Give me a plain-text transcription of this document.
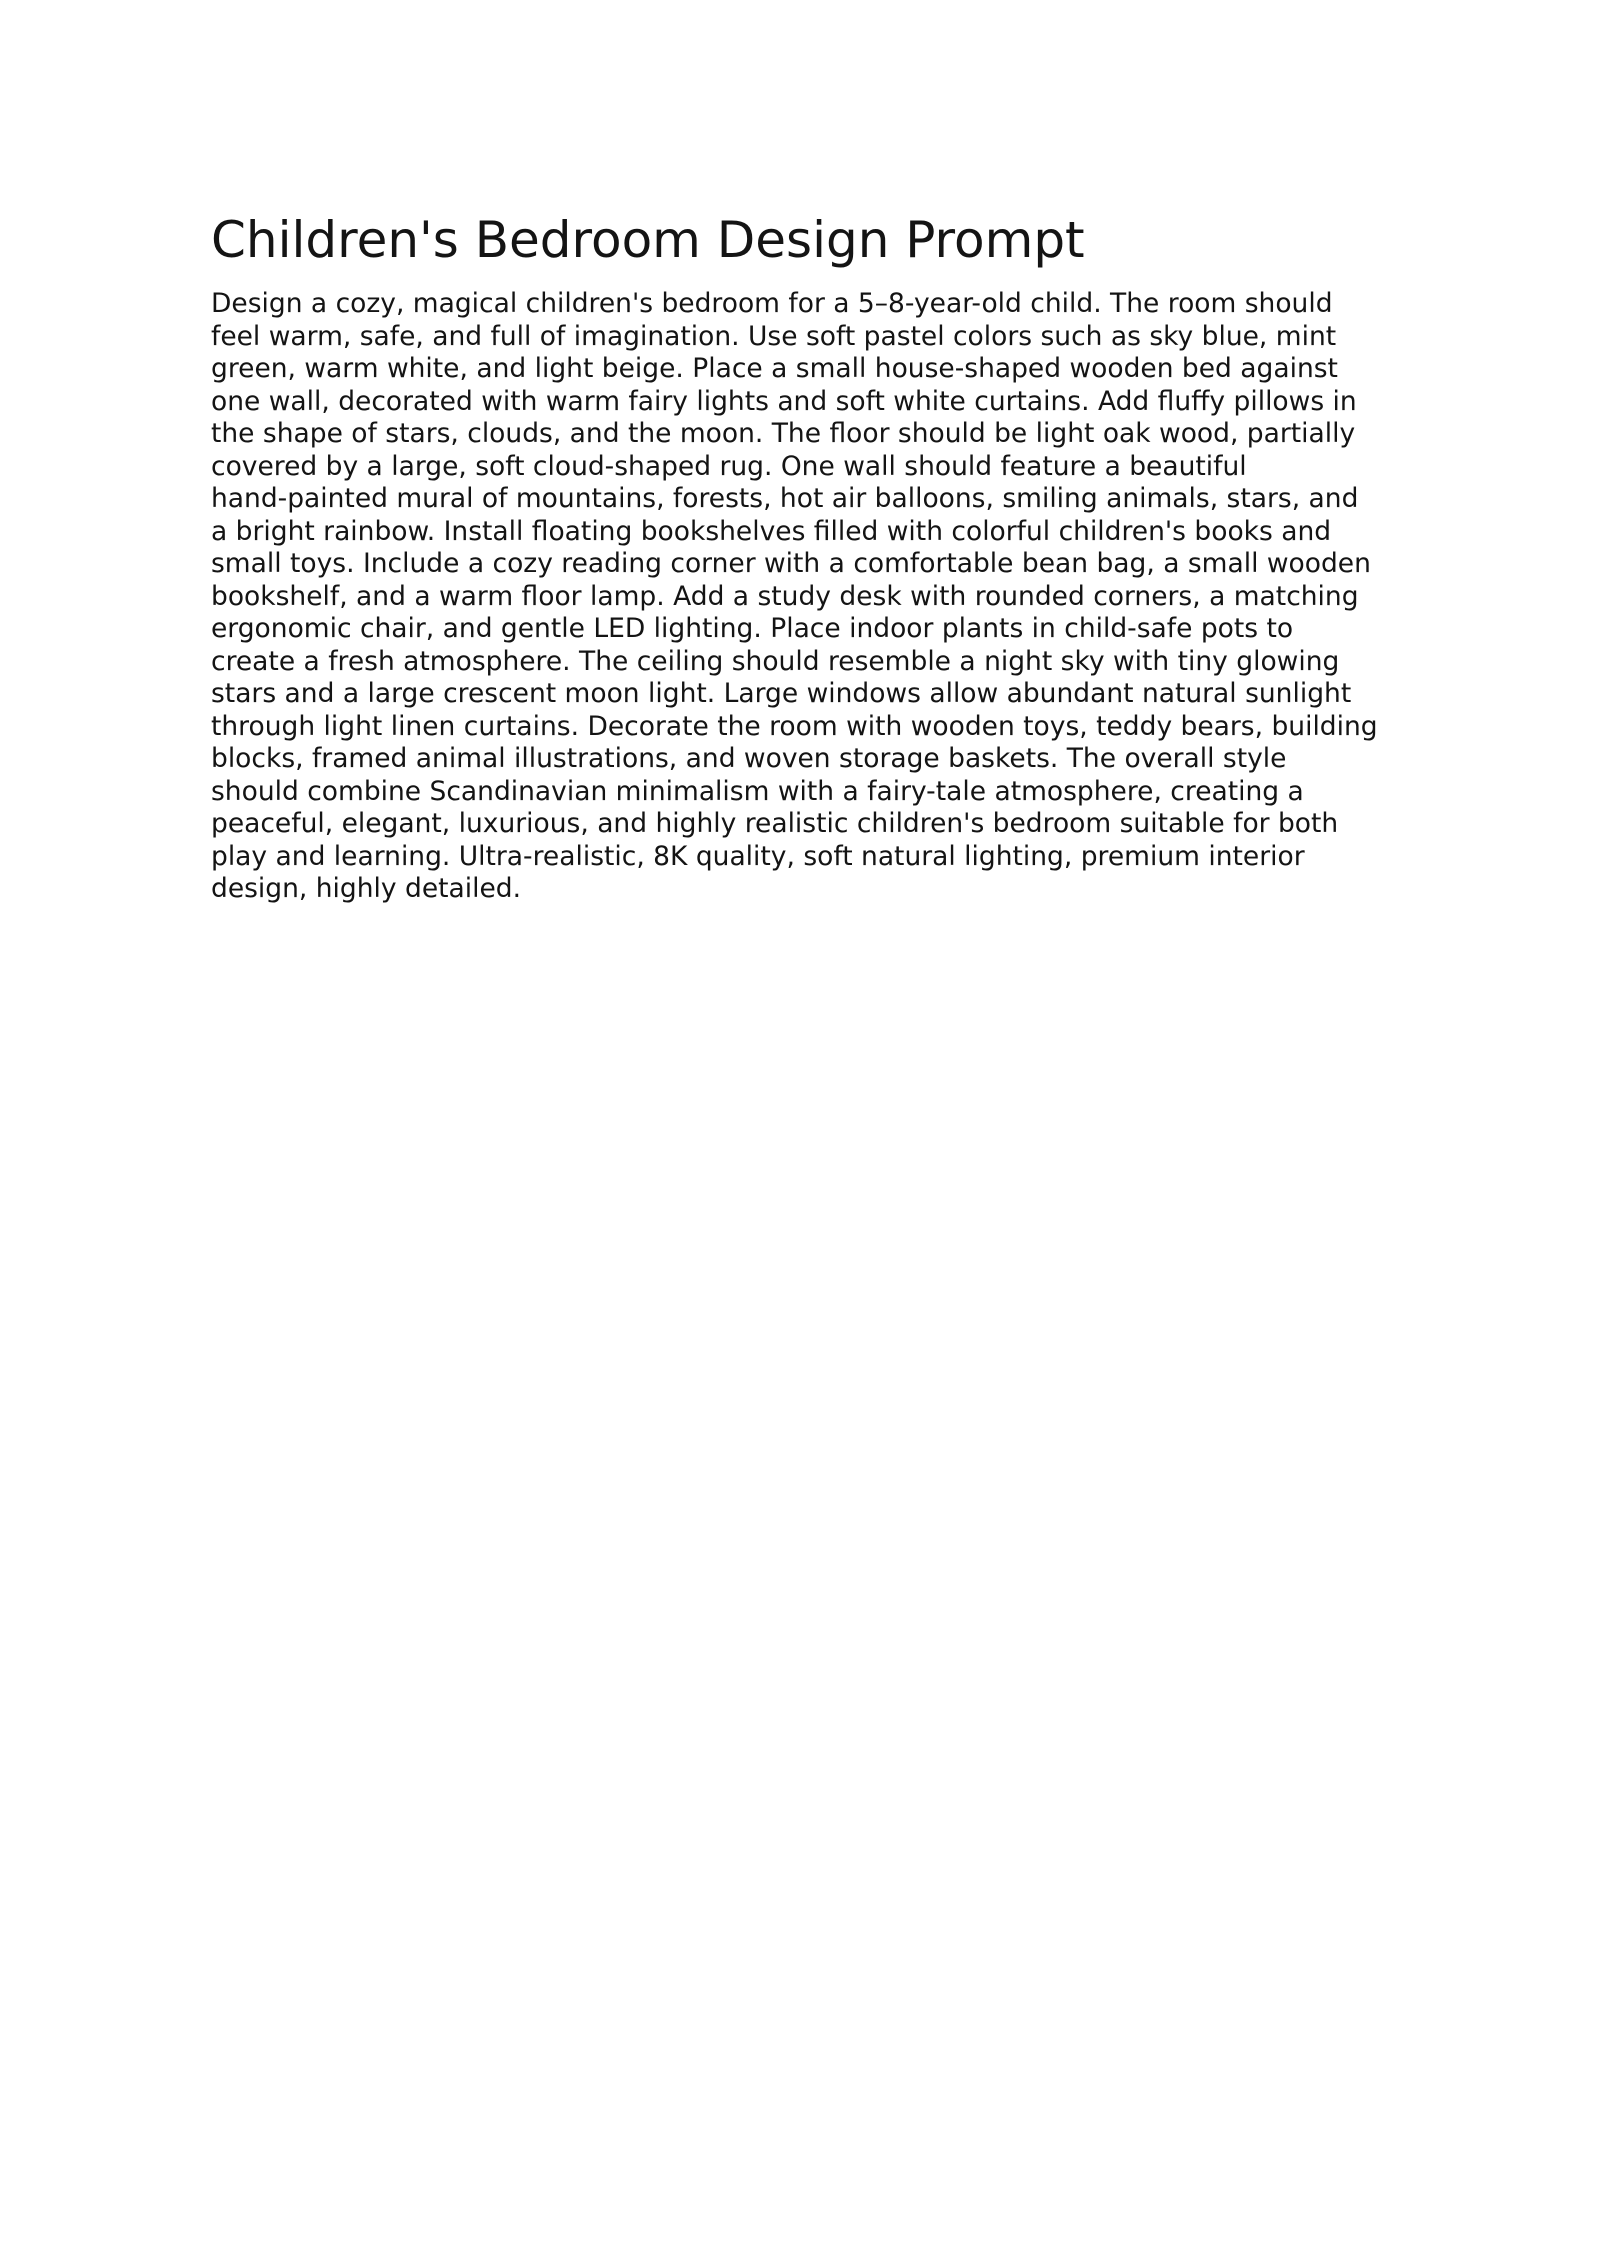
Children's Bedroom Design Prompt
Design a cozy, magical children's bedroom for a 5–8-year-old child. The room should
feel warm, safe, and full of imagination. Use soft pastel colors such as sky blue, mint
green, warm white, and light beige. Place a small house-shaped wooden bed against
one wall, decorated with warm fairy lights and soft white curtains. Add fluffy pillows in
the shape of stars, clouds, and the moon. The floor should be light oak wood, partially
covered by a large, soft cloud-shaped rug. One wall should feature a beautiful
hand-painted mural of mountains, forests, hot air balloons, smiling animals, stars, and
a bright rainbow. Install floating bookshelves filled with colorful children's books and
small toys. Include a cozy reading corner with a comfortable bean bag, a small wooden
bookshelf, and a warm floor lamp. Add a study desk with rounded corners, a matching
ergonomic chair, and gentle LED lighting. Place indoor plants in child-safe pots to
create a fresh atmosphere. The ceiling should resemble a night sky with tiny glowing
stars and a large crescent moon light. Large windows allow abundant natural sunlight
through light linen curtains. Decorate the room with wooden toys, teddy bears, building
blocks, framed animal illustrations, and woven storage baskets. The overall style
should combine Scandinavian minimalism with a fairy-tale atmosphere, creating a
peaceful, elegant, luxurious, and highly realistic children's bedroom suitable for both
play and learning. Ultra-realistic, 8K quality, soft natural lighting, premium interior
design, highly detailed.
